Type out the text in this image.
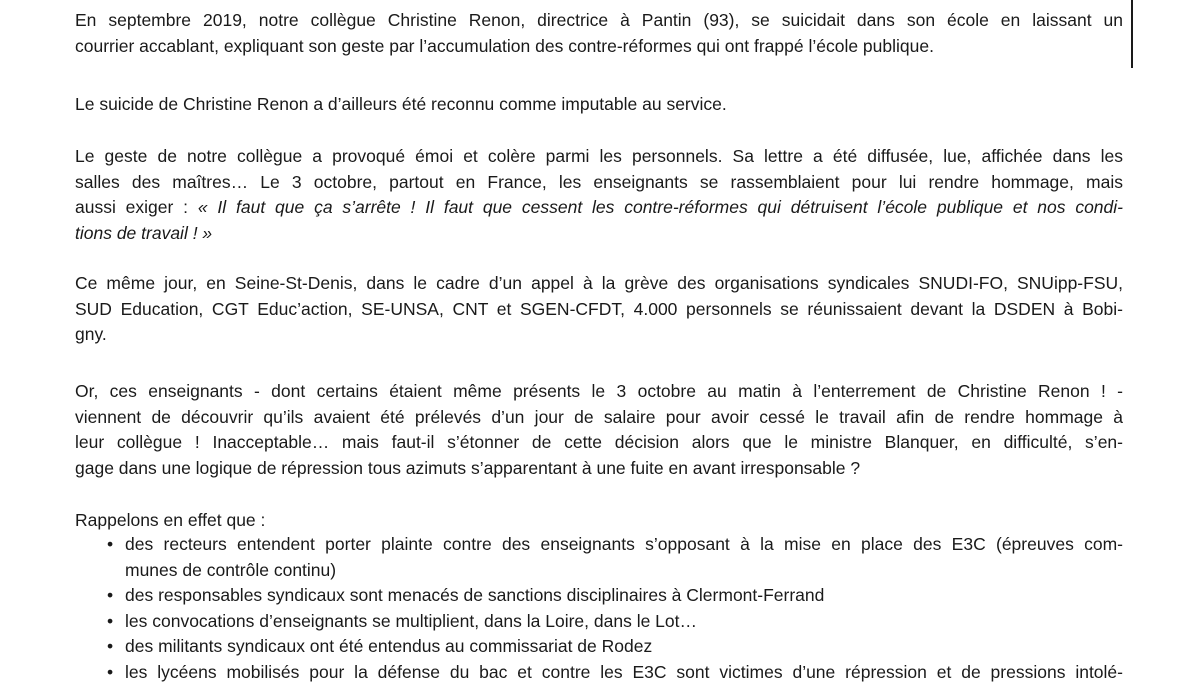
En septembre 2019, notre collègue Christine Renon, directrice à Pantin (93), se suicidait dans son école en laissant un
courrier accablant, expliquant son geste par l’accumulation des contre-réformes qui ont frappé l’école publique.

Le suicide de Christine Renon a d’ailleurs été reconnu comme imputable au service.

Le geste de notre collègue a provoqué émoi et colère parmi les personnels. Sa lettre a été diffusée, lue, affichée dans les
salles des maîtres… Le 3 octobre, partout en France, les enseignants se rassemblaient pour lui rendre hommage, mais
aussi exiger : « Il faut que ça s’arrête ! Il faut que cessent les contre-réformes qui détruisent l’école publique et nos condi-
tions de travail ! »

Ce même jour, en Seine-St-Denis, dans le cadre d’un appel à la grève des organisations syndicales SNUDI-FO, SNUipp-FSU,
SUD Education, CGT Educ’action, SE-UNSA, CNT et SGEN-CFDT, 4.000 personnels se réunissaient devant la DSDEN à Bobi-
gny.

Or, ces enseignants - dont certains étaient même présents le 3 octobre au matin à l’enterrement de Christine Renon ! -
viennent de découvrir qu’ils avaient été prélevés d’un jour de salaire pour avoir cessé le travail afin de rendre hommage à
leur collègue ! Inacceptable… mais faut-il s’étonner de cette décision alors que le ministre Blanquer, en difficulté, s’en-
gage dans une logique de répression tous azimuts s’apparentant à une fuite en avant irresponsable ?

Rappelons en effet que :

• des recteurs entendent porter plainte contre des enseignants s’opposant à la mise en place des E3C (épreuves com-
munes de contrôle continu)
• des responsables syndicaux sont menacés de sanctions disciplinaires à Clermont-Ferrand
• les convocations d’enseignants se multiplient, dans la Loire, dans le Lot…
• des militants syndicaux ont été entendus au commissariat de Rodez
• les lycéens mobilisés pour la défense du bac et contre les E3C sont victimes d’une répression et de pressions intolé-
